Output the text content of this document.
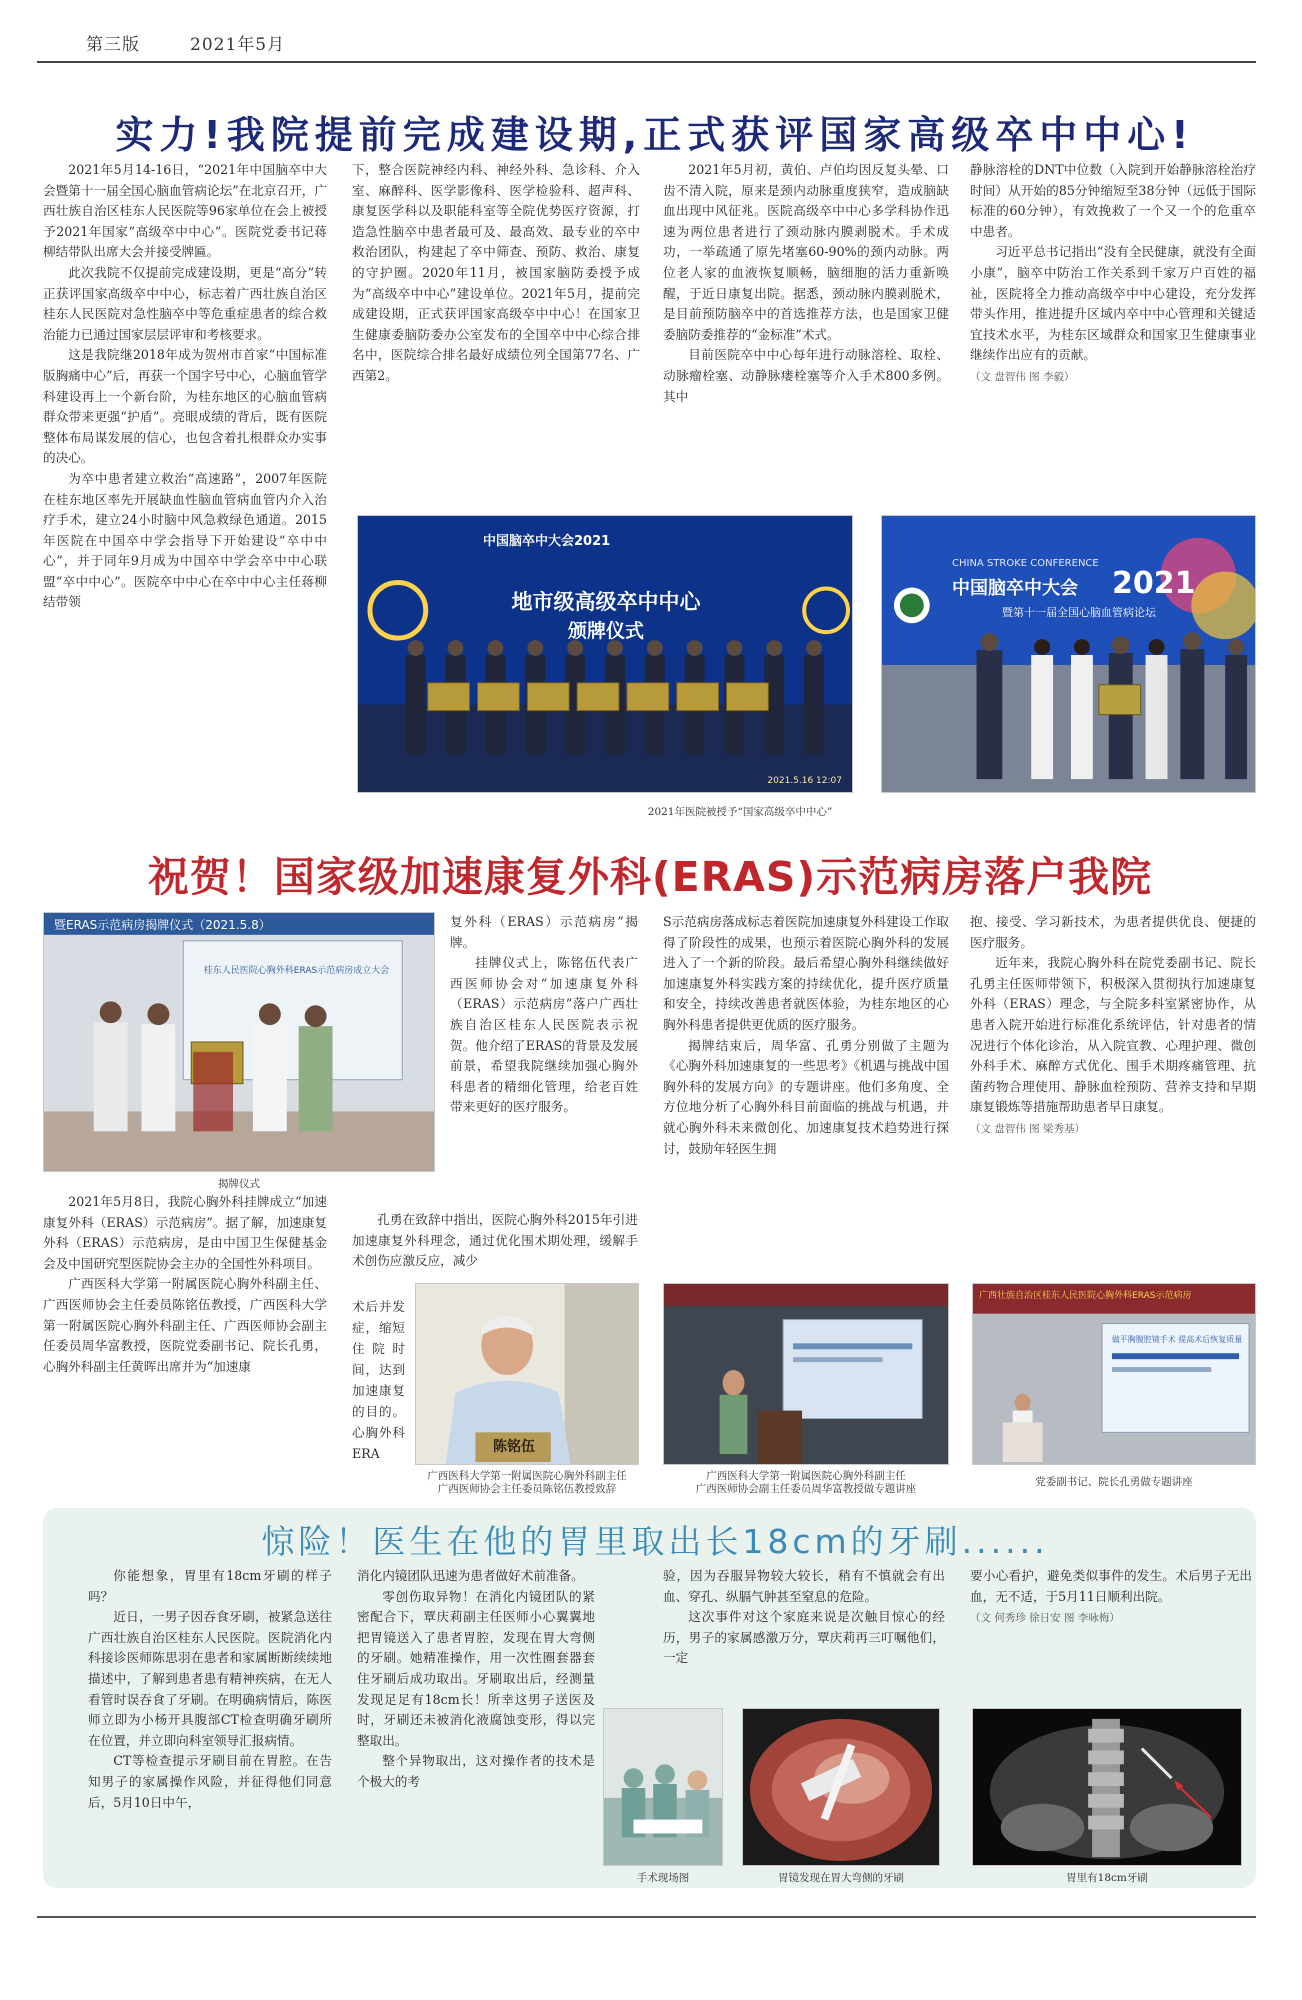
第三版	2021年5月
实力!我院提前完成建设期,正式获评国家高级卒中中心!

2021年5月14-16日，“2021年中国脑卒中大会暨第十一届全国心脑血管病论坛”在北京召开，广西壮族自治区桂东人民医院等96家单位在会上被授予2021年国家“高级卒中中心”。医院党委书记蒋柳结带队出席大会并接受牌匾。

此次我院不仅提前完成建设期，更是“高分”转正获评国家高级卒中中心，标志着广西壮族自治区桂东人民医院对急性脑卒中等危重症患者的综合救治能力已通过国家层层评审和考核要求。

这是我院继2018年成为贺州市首家“中国标准版胸痛中心”后，再获一个国字号中心，心脑血管学科建设再上一个新台阶，为桂东地区的心脑血管病群众带来更强“护盾”。亮眼成绩的背后，既有医院整体布局谋发展的信心，也包含着扎根群众办实事的决心。

为卒中患者建立救治“高速路”，2007年医院在桂东地区率先开展缺血性脑血管病血管内介入治疗手术，建立24小时脑中风急救绿色通道。2015年医院在中国卒中学会指导下开始建设“卒中中心”，并于同年9月成为中国卒中学会卒中中心联盟“卒中中心”。医院卒中中心在卒中中心主任蒋柳结带领

下，整合医院神经内科、神经外科、急诊科、介入室、麻醉科、医学影像科、医学检验科、超声科、康复医学科以及职能科室等全院优势医疗资源，打造急性脑卒中患者最可及、最高效、最专业的卒中救治团队，构建起了卒中筛查、预防、救治、康复的守护圈。2020年11月，被国家脑防委授予成为“高级卒中中心”建设单位。2021年5月，提前完成建设期，正式获评国家高级卒中中心！在国家卫生健康委脑防委办公室发布的全国卒中中心综合排名中，医院综合排名最好成绩位列全国第77名、广西第2。

2021年5月初，黄伯、卢伯均因反复头晕、口齿不清入院，原来是颈内动脉重度狭窄，造成脑缺血出现中风征兆。医院高级卒中中心多学科协作迅速为两位患者进行了颈动脉内膜剥脱术。手术成功，一举疏通了原先堵塞60-90%的颈内动脉。两位老人家的血液恢复顺畅，脑细胞的活力重新唤醒，于近日康复出院。据悉，颈动脉内膜剥脱术，是目前预防脑卒中的首选推荐方法，也是国家卫健委脑防委推荐的“金标准”术式。

目前医院卒中中心每年进行动脉溶栓、取栓、动脉瘤栓塞、动静脉瘘栓塞等介入手术800多例。其中

静脉溶栓的DNT中位数（入院到开始静脉溶栓治疗时间）从开始的85分钟缩短至38分钟（远低于国际标准的60分钟），有效挽救了一个又一个的危重卒中患者。

习近平总书记指出“没有全民健康，就没有全面小康”，脑卒中防治工作关系到千家万户百姓的福祉，医院将全力推动高级卒中中心建设，充分发挥带头作用，推进提升区域内卒中中心管理和关键适宜技术水平，为桂东区域群众和国家卫生健康事业继续作出应有的贡献。

（文 盘智伟 图 李毅）
中国脑卒中大会2021
地市级高级卒中中心
颁牌仪式
2021.5.16 12:07
CHINA STROKE CONFERENCE
中国脑卒中大会 2021
暨第十一届全国心脑血管病论坛
2021年医院被授予“国家高级卒中中心”
祝贺！国家级加速康复外科(ERAS)示范病房落户我院
暨ERAS示范病房揭牌仪式（2021.5.8）
桂东人民医院心胸外科ERAS示范病房成立大会
揭牌仪式

2021年5月8日，我院心胸外科挂牌成立“加速康复外科（ERAS）示范病房”。据了解，加速康复外科（ERAS）示范病房，是由中国卫生保健基金会及中国研究型医院协会主办的全国性外科项目。

广西医科大学第一附属医院心胸外科副主任、广西医师协会主任委员陈铭伍教授，广西医科大学第一附属医院心胸外科副主任、广西医师协会副主任委员周华富教授，医院党委副书记、院长孔勇，心胸外科副主任黄晖出席并为“加速康

复外科（ERAS）示范病房”揭牌。

挂牌仪式上，陈铭伍代表广西医师协会对“加速康复外科（ERAS）示范病房”落户广西壮族自治区桂东人民医院表示祝贺。他介绍了ERAS的背景及发展前景，希望我院继续加强心胸外科患者的精细化管理，给老百姓带来更好的医疗服务。

孔勇在致辞中指出，医院心胸外科2015年引进加速康复外科理念，通过优化围术期处理，缓解手术创伤应激反应，减少

术后并发症，缩短住院时间，达到加速康复的目的。心胸外科ERA

S示范病房落成标志着医院加速康复外科建设工作取得了阶段性的成果，也预示着医院心胸外科的发展进入了一个新的阶段。最后希望心胸外科继续做好加速康复外科实践方案的持续优化，提升医疗质量和安全，持续改善患者就医体验，为桂东地区的心胸外科患者提供更优质的医疗服务。

揭牌结束后，周华富、孔勇分别做了主题为《心胸外科加速康复的一些思考》《机遇与挑战中国胸外科的发展方向》的专题讲座。他们多角度、全方位地分析了心胸外科目前面临的挑战与机遇，并就心胸外科未来微创化、加速康复技术趋势进行探讨，鼓励年轻医生拥

抱、接受、学习新技术，为患者提供优良、便捷的医疗服务。

近年来，我院心胸外科在院党委副书记、院长孔勇主任医师带领下，积极深入贯彻执行加速康复外科（ERAS）理念，与全院多科室紧密协作，从患者入院开始进行标准化系统评估，针对患者的情况进行个体化诊治，从入院宣教、心理护理、微创外科手术、麻醉方式优化、围手术期疼痛管理、抗菌药物合理使用、静脉血栓预防、营养支持和早期康复锻炼等措施帮助患者早日康复。

（文 盘智伟 图 梁秀基）
陈铭伍
广西医科大学第一附属医院心胸外科副主任
广西医师协会主任委员陈铭伍教授致辞
广西医科大学第一附属医院心胸外科副主任
广西医师协会副主任委员周华富教授做专题讲座
广西壮族自治区桂东人民医院心胸外科ERAS示范病房
做平胸腹腔镜手术 提高术后恢复质量
党委副书记、院长孔勇做专题讲座
惊险！医生在他的胃里取出长18cm的牙刷......

你能想象，胃里有18cm牙刷的样子吗？

近日，一男子因吞食牙刷，被紧急送往广西壮族自治区桂东人民医院。医院消化内科接诊医师陈思羽在患者和家属断断续续地描述中，了解到患者患有精神疾病，在无人看管时误吞食了牙刷。在明确病情后，陈医师立即为小杨开具腹部CT检查明确牙刷所在位置，并立即向科室领导汇报病情。

CT等检查提示牙刷目前在胃腔。在告知男子的家属操作风险，并征得他们同意后，5月10日中午，

消化内镜团队迅速为患者做好术前准备。

零创伤取异物！在消化内镜团队的紧密配合下，覃庆莉副主任医师小心翼翼地把胃镜送入了患者胃腔，发现在胃大弯侧的牙刷。她精准操作，用一次性圈套器套住牙刷后成功取出。牙刷取出后，经测量发现足足有18cm长！所幸这男子送医及时，牙刷还未被消化液腐蚀变形，得以完整取出。

整个异物取出，这对操作者的技术是个极大的考

验，因为吞服异物较大较长，稍有不慎就会有出血、穿孔、纵膈气肿甚至窒息的危险。

这次事件对这个家庭来说是次触目惊心的经历，男子的家属感激万分，覃庆莉再三叮嘱他们，一定

要小心看护，避免类似事件的发生。术后男子无出血，无不适，于5月11日顺利出院。

（文 何秀珍 徐日安 图 李咏梅）
手术现场图	胃镜发现在胃大弯侧的牙刷	胃里有18cm牙刷
